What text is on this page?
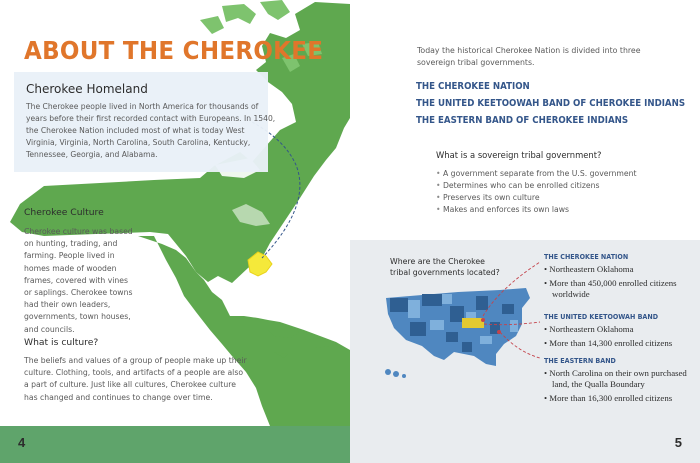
ABOUT THE CHEROKEE
Cherokee Homeland
The Cherokee people lived in North America for thousands of years before their first recorded contact with Europeans. In 1540, the Cherokee Nation included most of what is today West Virginia, Virginia, North Carolina, South Carolina, Kentucky, Tennessee, Georgia, and Alabama.
Cherokee Culture
Cherokee culture was based on hunting, trading, and farming. People lived in homes made of wooden frames, covered with vines or saplings. Cherokee towns had their own leaders, governments, town houses, and councils.
What is culture?
The beliefs and values of a group of people make up their culture. Clothing, tools, and artifacts of a people are also a part of culture. Just like all cultures, Cherokee culture has changed and continues to change over time.
4
Today the historical Cherokee Nation is divided into three sovereign tribal governments.
THE CHEROKEE NATION
THE UNITED KEETOOWAH BAND OF CHEROKEE INDIANS
THE EASTERN BAND OF CHEROKEE INDIANS
What is a sovereign tribal government?
• A government separate from the U.S. government
• Determines who can be enrolled citizens
• Preserves its own culture
• Makes and enforces its own laws
Where are the Cherokee tribal governments located?
THE CHEROKEE NATION
• Northeastern Oklahoma
• More than 450,000 enrolled citizens worldwide
THE UNITED KEETOOWAH BAND
• Northeastern Oklahoma
• More than 14,300 enrolled citizens
THE EASTERN BAND
• North Carolina on their own purchased land, the Qualla Boundary
• More than 16,300 enrolled citizens
5
